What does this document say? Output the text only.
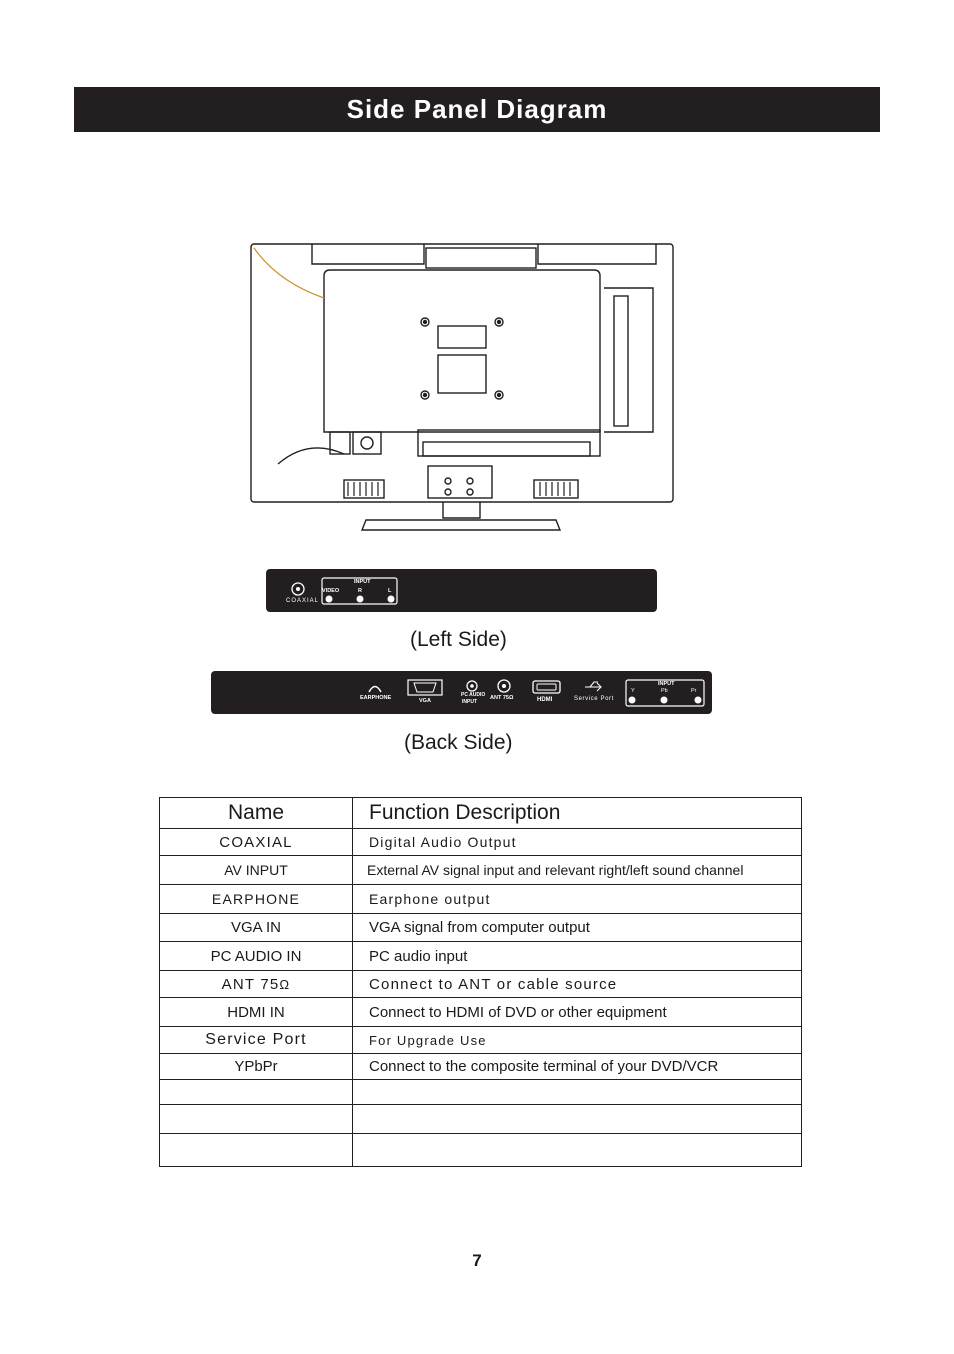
Side Panel Diagram
COAXIAL
INPUT
VIDEO	R	L
(Left Side)
EARPHONE	VGA
PC AUDIO
INPUT
ANT 75Ω	HDMI	Service Port
INPUT
Y	Pb	Pr
(Back Side)
Name	Function Description
COAXIAL	Digital Audio Output
AV INPUT	External AV signal input and relevant right/left sound channel
EARPHONE	Earphone output
VGA IN	VGA signal from computer output
PC AUDIO IN	PC audio input
ANT 75Ω	Connect to ANT or cable source
HDMI IN	Connect to HDMI of DVD or other equipment
Service Port	For Upgrade Use
YPbPr	Connect to the composite terminal of your DVD/VCR

7
